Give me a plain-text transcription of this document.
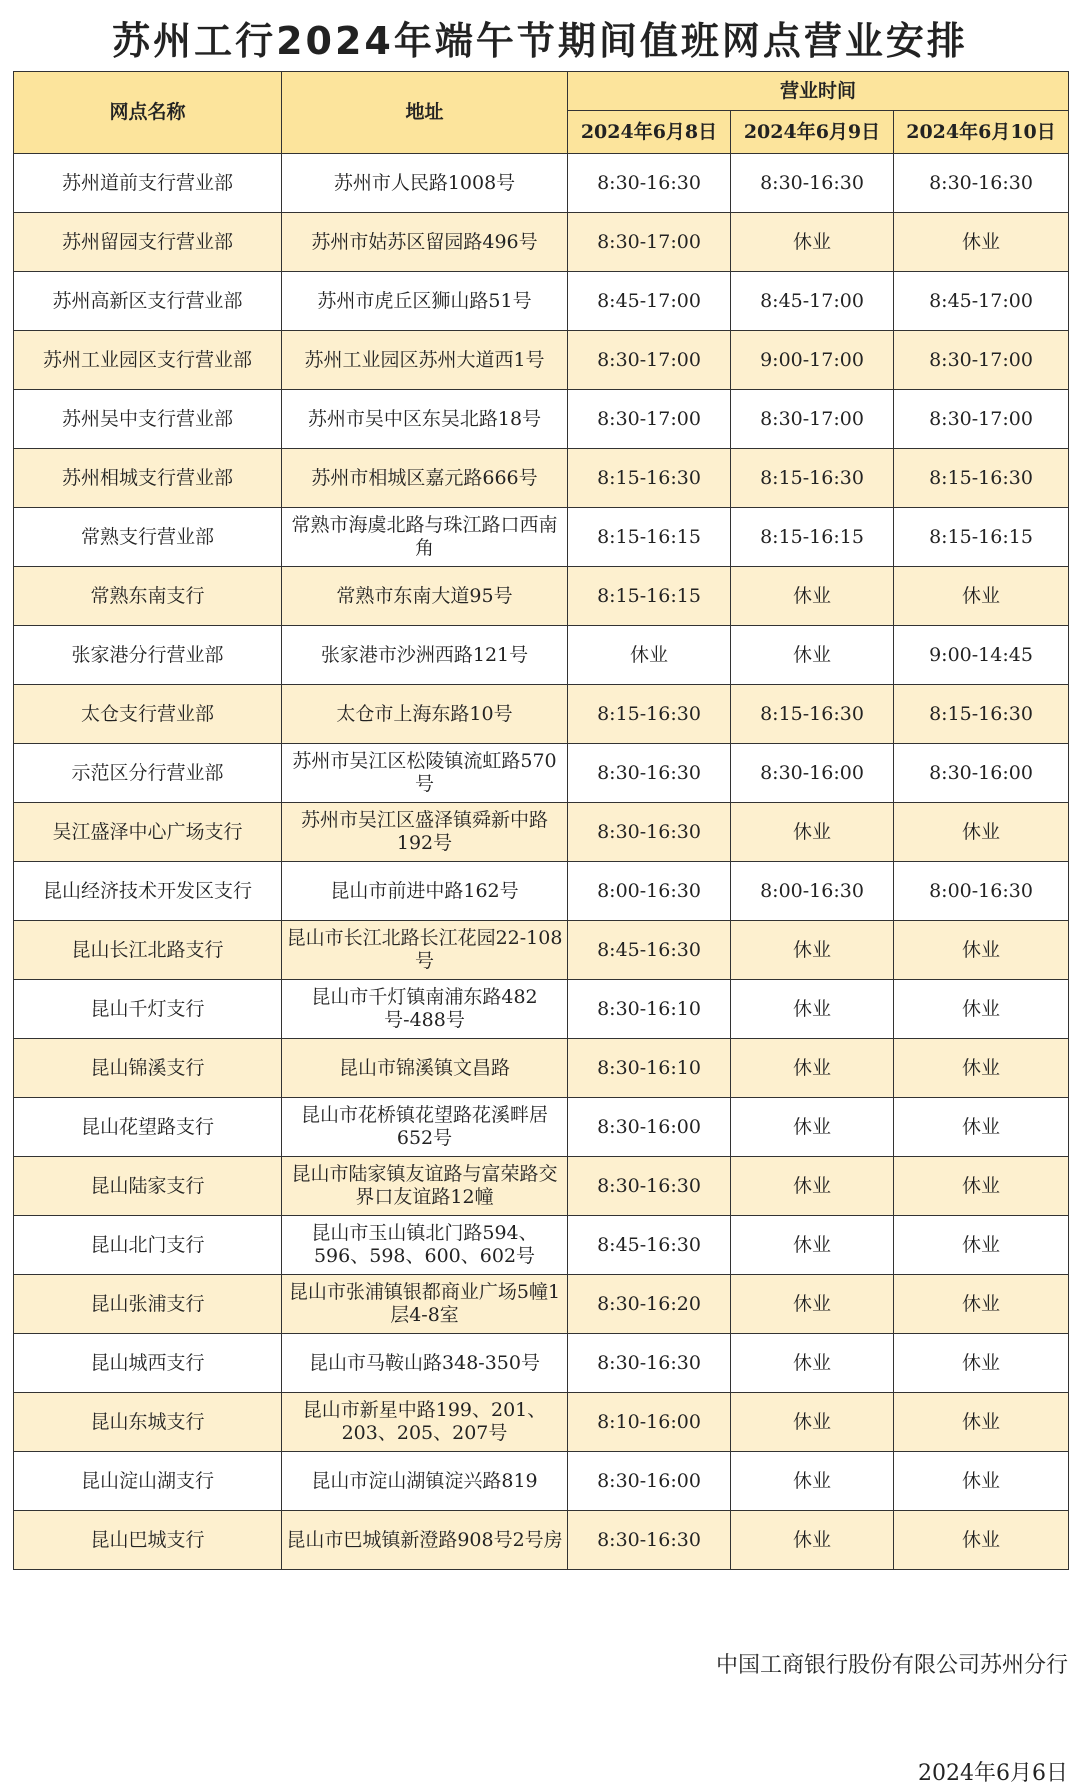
苏州工行2024年端午节期间值班网点营业安排
网点名称	地址	营业时间		
		2024年6月8日	2024年6月9日	2024年6月10日
苏州道前支行营业部	苏州市人民路1008号	8:30-16:30	8:30-16:30	8:30-16:30
苏州留园支行营业部	苏州市姑苏区留园路496号	8:30-17:00	休业	休业
苏州高新区支行营业部	苏州市虎丘区狮山路51号	8:45-17:00	8:45-17:00	8:45-17:00
苏州工业园区支行营业部	苏州工业园区苏州大道西1号	8:30-17:00	9:00-17:00	8:30-17:00
苏州吴中支行营业部	苏州市吴中区东吴北路18号	8:30-17:00	8:30-17:00	8:30-17:00
苏州相城支行营业部	苏州市相城区嘉元路666号	8:15-16:30	8:15-16:30	8:15-16:30
常熟支行营业部	常熟市海虞北路与珠江路口西南角	8:15-16:15	8:15-16:15	8:15-16:15
常熟东南支行	常熟市东南大道95号	8:15-16:15	休业	休业
张家港分行营业部	张家港市沙洲西路121号	休业	休业	9:00-14:45
太仓支行营业部	太仓市上海东路10号	8:15-16:30	8:15-16:30	8:15-16:30
示范区分行营业部	苏州市吴江区松陵镇流虹路570号	8:30-16:30	8:30-16:00	8:30-16:00
吴江盛泽中心广场支行	苏州市吴江区盛泽镇舜新中路192号	8:30-16:30	休业	休业
昆山经济技术开发区支行	昆山市前进中路162号	8:00-16:30	8:00-16:30	8:00-16:30
昆山长江北路支行	昆山市长江北路长江花园22-108号	8:45-16:30	休业	休业
昆山千灯支行	昆山市千灯镇南浦东路482号-488号	8:30-16:10	休业	休业
昆山锦溪支行	昆山市锦溪镇文昌路	8:30-16:10	休业	休业
昆山花望路支行	昆山市花桥镇花望路花溪畔居652号	8:30-16:00	休业	休业
昆山陆家支行	昆山市陆家镇友谊路与富荣路交界口友谊路12幢	8:30-16:30	休业	休业
昆山北门支行	昆山市玉山镇北门路594、596、598、600、602号	8:45-16:30	休业	休业
昆山张浦支行	昆山市张浦镇银都商业广场5幢1层4-8室	8:30-16:20	休业	休业
昆山城西支行	昆山市马鞍山路348-350号	8:30-16:30	休业	休业
昆山东城支行	昆山市新星中路199、201、203、205、207号	8:10-16:00	休业	休业
昆山淀山湖支行	昆山市淀山湖镇淀兴路819	8:30-16:00	休业	休业
昆山巴城支行	昆山市巴城镇新澄路908号2号房	8:30-16:30	休业	休业
中国工商银行股份有限公司苏州分行
2024年6月6日
